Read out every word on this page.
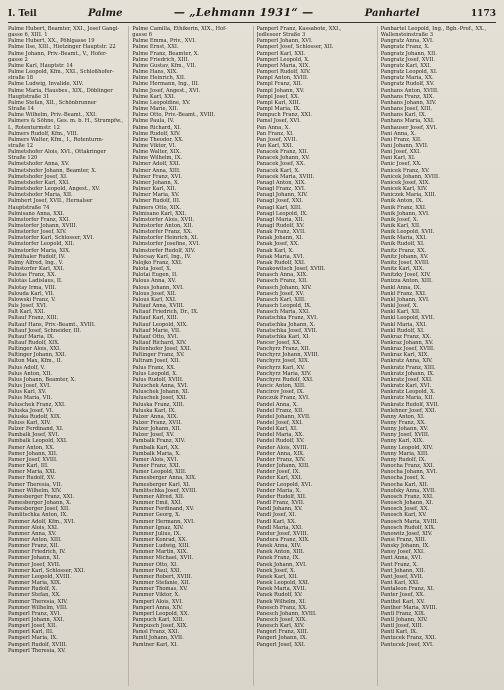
I. Teil	Palme	— „Lehmann 1931“ —	Panhartel	1173
Palme Hubert, Beamter, XXI., Josef Gangl-
gasse 6, XIII. 1
Palme Hubert, XX., Pöhlgasse 19
Palme Ilse, XIII., Hietzinger Hauptstr. 22
Palme Johann, Priv.-Beamt., V., Hofer-
gasse 2
Palme Karl, Hauptstr. 14
Palme Leopold, Kfm., XXI., Schloßhofer-
straße 18
Palme Ludwig, Invalide, XIV.
Palme Maria, Hausbes., XIX., Döblinger
Hauptstraße 31
Palme Stefan, XII., Schönbrunner
Straße 14
Palme Wilhelm, Priv.-Beamt., XXI.
Palmers & Söhne, Ges. m. b. H., Strumpfw.,
I., Rotenturmstr. 12
Palmers Rudolf, Kfm., VIII.
Palmers Walter, Kfm., I., Rotenturm-
straße 12
Palmetshofer Alois, XVI., Ottakringer
Straße 120
Palmetshofer Anna, XV.
Palmetshofer Johann, Beamter, X.
Palmetshofer Josef, XI.
Palmetshofer Karl, XXI.
Palmetshofer Leopold, Angest., XV.
Palmetshofer Maria, XII.
Palmhert Josef, XVII., Hernalser
Hauptstraße 74
Palmisano Anna, XXI.
Palmstorfer Franz, XXI.
Palmstorfer Johann, XVIII.
Palmstorfer Josef, XIV.
Palmstorfer Karl, Schlosser, XVI.
Palmstorfer Leopold, XII.
Palmstorfer Maria, XIX.
Palmthaler Rudolf, IV.
Palmy Alfred, Ing., V.
Palnstorfer Karl, XXI.
Palotas Franz, XX.
Palotás Ladislaus, II.
Palotay Irma, VIII.
Palouda Karl, VII.
Palowski Franz, V.
Pals Josef, XVI.
Palt Karl, XXI.
Paltauf Franz, XIII.
Paltauf Hans, Priv.-Beamt., XVIII.
Paltauf Josef, Schneider, III.
Paltauf Maria, IX.
Paltauf Rudolf, XIX.
Paltinger Alois, XXI.
Paltinger Johann, XXI.
Palton Max, Kfm., II.
Palus Adolf, V.
Palus Anton, XII.
Palus Johann, Beamter, X.
Palus Josef, XVI.
Palus Karl, XV.
Palus Maria, VII.
Paluschek Franz, XXI.
Paluska Josef, VI.
Paluska Rudolf, XIX.
Paluss Karl, XIV.
Palzer Ferdinand, XI.
Pambalk Josef, XVI.
Pambalk Leopold, XXI.
Pamer Anton, XX.
Pamer Johann, XII.
Pamer Josef, XVIII.
Pamer Karl, III.
Pamer Maria, XXI.
Pamer Rudolf, XV.
Pamer Theresia, VII.
Pamer Wilhelm, XIV.
Pamesberger Franz, XXI.
Pamesberger Johann, X.
Pamesberger Josef, XII.
Pamlitschka Anton, IX.
Pammer Adolf, Kfm., XVI.
Pammer Alois, XXI.
Pammer Anna, XV.
Pammer Anton, XIII.
Pammer Franz, XII.
Pammer Friedrich, IV.
Pammer Johann, XI.
Pammer Josef, XVII.
Pammer Karl, Schlosser, XXI.
Pammer Leopold, XVIII.
Pammer Maria, XIX.
Pammer Rudolf, X.
Pammer Stefan, XX.
Pammer Theresia, XIV.
Pammer Wilhelm, VIII.
Pamperl Franz, XVI.
Pamperl Johann, XXI.
Pamperl Josef, XII.
Pamperl Karl, III.
Pamperl Maria, IX.
Pamperl Rudolf, XVIII.
Pamperl Theresia, XV.
Palme Camilla, Ethikerin, XIX., Hof-
gasse 6
Palme Emma, Priv., XVI.
Palme Ernst, XXI.
Palme Franz, Beamter, X.
Palme Friedrich, XIII.
Palme Gustav, Kfm., VII.
Palme Hans, XIX.
Palme Heinrich, XII.
Palme Hermann, Ing., III.
Palme Josef, Angest., XVI.
Palme Karl, XXI.
Palme Leopoldine, XV.
Palme Marie, XII.
Palme Otto, Priv.-Beamt., XVIII.
Palme Paula, IV.
Palme Richard, XI.
Palme Rudolf, XIV.
Palme Theodor, XX.
Palme Viktor, VI.
Palme Walter, XIX.
Palme Wilhelm, IX.
Palmer Adolf, XXI.
Palmer Anna, XIII.
Palmer Franz, XVI.
Palmer Johann, X.
Palmer Karl, XII.
Palmer Maria, XV.
Palmer Rudolf, III.
Palmers Otto, XIX.
Palmisano Karl, XXI.
Palmstorfer Alois, XVII.
Palmstorfer Anton, XII.
Palmstorfer Franz, XX.
Palmstorfer Heinrich, XI.
Palmstorfer Josefine, XVI.
Palmstorfer Rudolf, XIV.
Palocsay Karl, Ing., IV.
Palojko Franz, XXI.
Palota Josef, X.
Palotai Eugen, II.
Palous Anna, XV.
Palous Johann, XVI.
Palous Josef, XII.
Palouš Karl, XXI.
Paltauf Anna, XVIII.
Paltauf Friedrich, Dr., IX.
Paltauf Karl, XIII.
Paltauf Leopold, XIX.
Paltauf Marie, VII.
Paltauf Otto, XVI.
Paltauf Richard, XIV.
Paltenhofer Josef, XXI.
Paltinger Franz, XV.
Paltram Josef, XII.
Palus Franz, XX.
Palus Leopold, X.
Palus Rudolf, XVIII.
Paluschek Anna, XVI.
Paluschek Johann, XI.
Paluschek Josef, XXI.
Paluska Franz, XIII.
Paluska Karl, IX.
Palzer Anna, XIX.
Palzer Franz, XVII.
Palzer Johann, XII.
Palzer Josef, XV.
Pambalk Franz, XIV.
Pambalk Karl, XX.
Pambalk Maria, X.
Pamer Alois, XVI.
Pamer Franz, XXI.
Pamer Leopold, XIII.
Pamesberger Anna, XIX.
Pamesberger Karl, XI.
Pamlitschka Josef, XVIII.
Pammer Alfred, XII.
Pammer Emil, XXI.
Pammer Ferdinand, XV.
Pammer Georg, X.
Pammer Hermann, XVI.
Pammer Ignaz, XIV.
Pammer Julius, IX.
Pammer Konrad, XX.
Pammer Ludwig, XIII.
Pammer Martin, XIX.
Pammer Michael, XVII.
Pammer Otto, XI.
Pammer Paul, XXI.
Pammer Robert, XVIII.
Pammer Stefanie, XII.
Pammer Thomas, XV.
Pammer Viktor, X.
Pamperl Alois, XVI.
Pamperl Anna, XIV.
Pamperl Leopold, XX.
Pampuch Karl, XIII.
Pampusch Josef, XIX.
Pamsl Franz, XXI.
Pamtl Johann, XVII.
Pamtner Karl, XI.
Pamperl Franz, Kassabote, XXI.,
Jedleseer Straße 3
Pamperl Johann, XVI.
Pamperl Josef, Schlosser, XII.
Pamperl Karl, XXI.
Pamperl Leopold, X.
Pamperl Maria, XIX.
Pamperl Rudolf, XIV.
Pampl Anton, XVIII.
Pampl Franz, XII.
Pampl Johann, XV.
Pampl Josef, XX.
Pampl Karl, XIII.
Pampl Maria, IX.
Pampuch Franz, XXI.
Pamsl Josef, XVI.
Pan Anna, X.
Pan Franz, XI.
Pan Josef, XVII.
Pan Karl, XXI.
Panacek Franz, XII.
Panacek Johann, XV.
Panacek Josef, XX.
Panacek Karl, X.
Panacek Maria, XVIII.
Panagl Anton, XIX.
Panagl Franz, XVI.
Panagl Johann, XIV.
Panagl Josef, XXI.
Panagl Karl, XIII.
Panagl Leopold, IX.
Panagl Maria, XII.
Panagl Rudolf, XV.
Panak Franz, XVII.
Panak Johann, XI.
Panak Josef, XX.
Panak Karl, X.
Panak Maria, XVI.
Panak Rudolf, XXI.
Panakowitsch Josef, XVIII.
Panasch Anna, XIX.
Panasch Franz, XII.
Panasch Johann, XIV.
Panasch Josef, XV.
Panasch Karl, XIII.
Panasch Leopold, IX.
Panasch Maria, XXI.
Panatschka Franz, XVI.
Panatschka Johann, X.
Panatschka Josef, XVII.
Panatschka Karl, XI.
Pancer Josef, XX.
Panchyrz Franz, XII.
Panchyrz Johann, XVIII.
Panchyrz Josef, XIX.
Panchyrz Karl, XV.
Panchyrz Maria, XIV.
Panchyrz Rudolf, XXI.
Pancic Anton, XIII.
Pancirov Josef, IX.
Panczuk Franz, XVI.
Pandel Anna, X.
Pandel Franz, XII.
Pandel Johann, XVII.
Pandel Josef, XXI.
Pandel Karl, XI.
Pandel Maria, XX.
Pandel Rudolf, XV.
Pander Alois, XVIII.
Pander Anna, XIX.
Pander Franz, XIV.
Pander Johann, XIII.
Pander Josef, IX.
Pander Karl, XXI.
Pander Leopold, XVI.
Pander Maria, X.
Pander Rudolf, XII.
Pandl Franz, XVII.
Pandl Johann, XV.
Pandl Josef, XI.
Pandl Karl, XX.
Pandl Maria, XXI.
Pandur Josef, XVIII.
Pandura Franz, XIX.
Panek Anna, XIV.
Panek Anton, XIII.
Panek Franz, IX.
Panek Johann, XVI.
Panek Josef, X.
Panek Karl, XII.
Panek Leopold, XXI.
Panek Maria, XVII.
Panek Rudolf, XV.
Panek Wilhelm, XI.
Panesch Franz, XX.
Panesch Johann, XVIII.
Panesch Josef, XIX.
Panesch Karl, XIV.
Pangerl Franz, XIII.
Pangerl Johann, IX.
Pangerl Josef, XXI.
Panhartel Leopold, Ing., Bgb.-Prof., XX.,
Wallensteinstraße 3
Pangratz Anna, XVI.
Pangratz Franz, X.
Pangratz Johann, XII.
Pangratz Josef, XVII.
Pangratz Karl, XXI.
Pangratz Leopold, XI.
Pangratz Maria, XX.
Pangratz Rudolf, XV.
Panhans Anton, XVIII.
Panhans Franz, XIX.
Panhans Johann, XIV.
Panhans Josef, XIII.
Panhans Karl, IX.
Panhans Maria, XXI.
Panhauser Josef, XVI.
Pani Anna, X.
Pani Franz, XII.
Pani Johann, XVII.
Pani Josef, XXI.
Pani Karl, XI.
Panic Josef, XX.
Panicek Franz, XV.
Panicek Johann, XVIII.
Panicek Josef, XIX.
Panicek Karl, XIV.
Paniczek Maria, XIII.
Panik Anton, IX.
Panik Franz, XXI.
Panik Johann, XVI.
Panik Josef, X.
Panik Karl, XII.
Panik Leopold, XVII.
Panik Maria, XXI.
Panik Rudolf, XI.
Panitz Franz, XX.
Panitz Johann, XV.
Panitz Josef, XVIII.
Panitz Karl, XIX.
Panitzky Josef, XIV.
Panizza Anton, XIII.
Pankl Anna, IX.
Pankl Franz, XXI.
Pankl Johann, XVI.
Pankl Josef, X.
Pankl Karl, XII.
Pankl Leopold, XVII.
Pankl Maria, XXI.
Pankl Rudolf, XI.
Pankraz Franz, XX.
Pankraz Johann, XV.
Pankraz Josef, XVIII.
Pankraz Karl, XIX.
Pankratz Anna, XIV.
Pankratz Franz, XIII.
Pankratz Johann, IX.
Pankratz Josef, XXI.
Pankratz Karl, XVI.
Pankratz Leopold, X.
Pankratz Maria, XII.
Pankratz Rudolf, XVII.
Panlehner Josef, XXI.
Panny Anton, XI.
Panny Franz, XX.
Panny Johann, XV.
Panny Josef, XVIII.
Panny Karl, XIX.
Panny Leopold, XIV.
Panny Maria, XIII.
Panny Rudolf, IX.
Panocha Franz, XXI.
Panocha Johann, XVI.
Panocha Josef, X.
Panocha Karl, XII.
Panofsky Anna, XVII.
Panosch Franz, XXI.
Panosch Johann, XI.
Panosch Josef, XX.
Panosch Karl, XV.
Panosch Maria, XVIII.
Panosch Rudolf, XIX.
Panowitz Josef, XIV.
Pansi Franz, XIII.
Pansky Johann, IX.
Pansy Josef, XXI.
Pant Anna, XVI.
Pant Franz, X.
Pant Johann, XII.
Pant Josef, XVII.
Pant Karl, XXI.
Pantaleon Franz, XI.
Panter Josef, XX.
Panthel Karl, XV.
Panther Maria, XVIII.
Pantl Franz, XIX.
Pantl Johann, XIV.
Pantl Josef, XIII.
Pantl Karl, IX.
Pantucek Franz, XXI.
Pantucek Josef, XVI.
